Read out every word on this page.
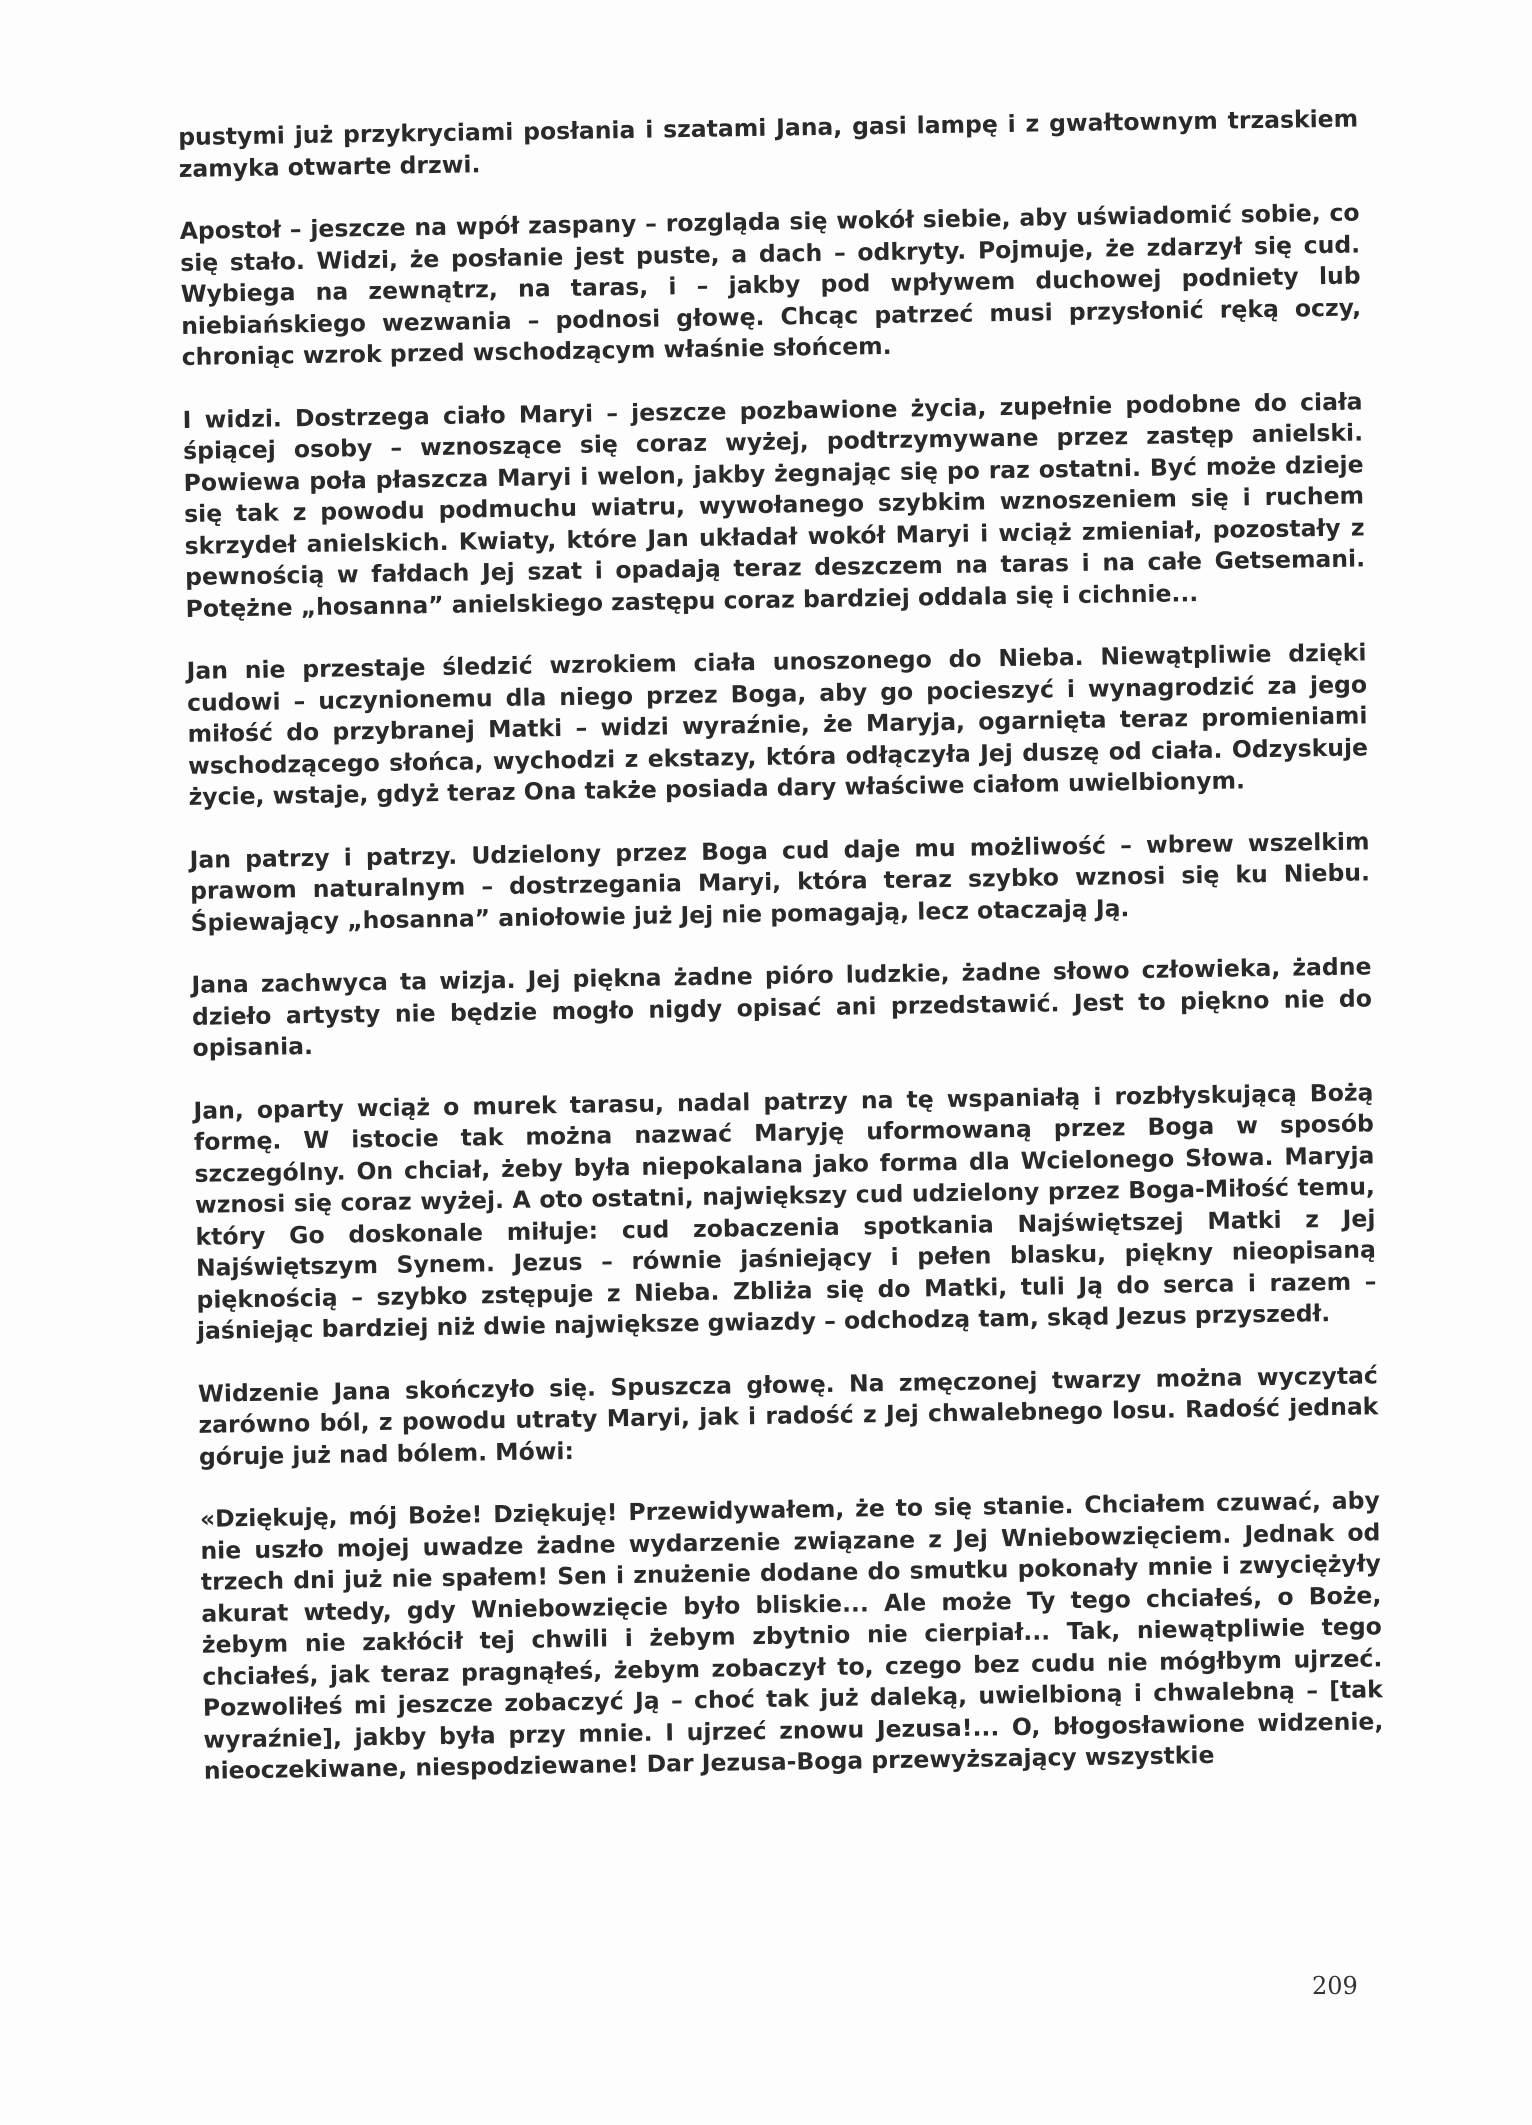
pustymi już przykryciami posłania i szatami Jana, gasi lampę i z gwałtownym trzaskiem zamyka otwarte drzwi.

Apostoł – jeszcze na wpół zaspany – rozgląda się wokół siebie, aby uświadomić sobie, co się stało. Widzi, że posłanie jest puste, a dach – odkryty. Pojmuje, że zdarzył się cud. Wybiega na zewnątrz, na taras, i – jakby pod wpływem duchowej podniety lub niebiańskiego wezwania – podnosi głowę. Chcąc patrzeć musi przysłonić ręką oczy, chroniąc wzrok przed wschodzącym właśnie słońcem.

I widzi. Dostrzega ciało Maryi – jeszcze pozbawione życia, zupełnie podobne do ciała śpiącej osoby – wznoszące się coraz wyżej, podtrzymywane przez zastęp anielski. Powiewa poła płaszcza Maryi i welon, jakby żegnając się po raz ostatni. Być może dzieje się tak z powodu podmuchu wiatru, wywołanego szybkim wznoszeniem się i ruchem skrzydeł anielskich. Kwiaty, które Jan układał wokół Maryi i wciąż zmieniał, pozostały z pewnością w fałdach Jej szat i opadają teraz deszczem na taras i na całe Getsemani. Potężne „hosanna” anielskiego zastępu coraz bardziej oddala się i cichnie...

Jan nie przestaje śledzić wzrokiem ciała unoszonego do Nieba. Niewątpliwie dzięki cudowi – uczynionemu dla niego przez Boga, aby go pocieszyć i wynagrodzić za jego miłość do przybranej Matki – widzi wyraźnie, że Maryja, ogarnięta teraz promieniami wschodzącego słońca, wychodzi z ekstazy, która odłączyła Jej duszę od ciała. Odzyskuje życie, wstaje, gdyż teraz Ona także posiada dary właściwe ciałom uwielbionym.

Jan patrzy i patrzy. Udzielony przez Boga cud daje mu możliwość – wbrew wszelkim prawom naturalnym – dostrzegania Maryi, która teraz szybko wznosi się ku Niebu. Śpiewający „hosanna” aniołowie już Jej nie pomagają, lecz otaczają Ją.

Jana zachwyca ta wizja. Jej piękna żadne pióro ludzkie, żadne słowo człowieka, żadne dzieło artysty nie będzie mogło nigdy opisać ani przedstawić. Jest to piękno nie do opisania.

Jan, oparty wciąż o murek tarasu, nadal patrzy na tę wspaniałą i rozbłyskującą Bożą formę. W istocie tak można nazwać Maryję uformowaną przez Boga w sposób szczególny. On chciał, żeby była niepokalana jako forma dla Wcielonego Słowa. Maryja wznosi się coraz wyżej. A oto ostatni, największy cud udzielony przez Boga-Miłość temu, który Go doskonale miłuje: cud zobaczenia spotkania Najświętszej Matki z Jej Najświętszym Synem. Jezus – równie jaśniejący i pełen blasku, piękny nieopisaną pięknością – szybko zstępuje z Nieba. Zbliża się do Matki, tuli Ją do serca i razem – jaśniejąc bardziej niż dwie największe gwiazdy – odchodzą tam, skąd Jezus przyszedł.

Widzenie Jana skończyło się. Spuszcza głowę. Na zmęczonej twarzy można wyczytać zarówno ból, z powodu utraty Maryi, jak i radość z Jej chwalebnego losu. Radość jednak góruje już nad bólem. Mówi:

«Dziękuję, mój Boże! Dziękuję! Przewidywałem, że to się stanie. Chciałem czuwać, aby nie uszło mojej uwadze żadne wydarzenie związane z Jej Wniebowzięciem. Jednak od trzech dni już nie spałem! Sen i znużenie dodane do smutku pokonały mnie i zwyciężyły akurat wtedy, gdy Wniebowzięcie było bliskie... Ale może Ty tego chciałeś, o Boże, żebym nie zakłócił tej chwili i żebym zbytnio nie cierpiał... Tak, niewątpliwie tego chciałeś, jak teraz pragnąłeś, żebym zobaczył to, czego bez cudu nie mógłbym ujrzeć. Pozwoliłeś mi jeszcze zobaczyć Ją – choć tak już daleką, uwielbioną i chwalebną – [tak wyraźnie], jakby była przy mnie. I ujrzeć znowu Jezusa!... O, błogosławione widzenie, nieoczekiwane, niespodziewane! Dar Jezusa-Boga przewyższający wszystkie

209
